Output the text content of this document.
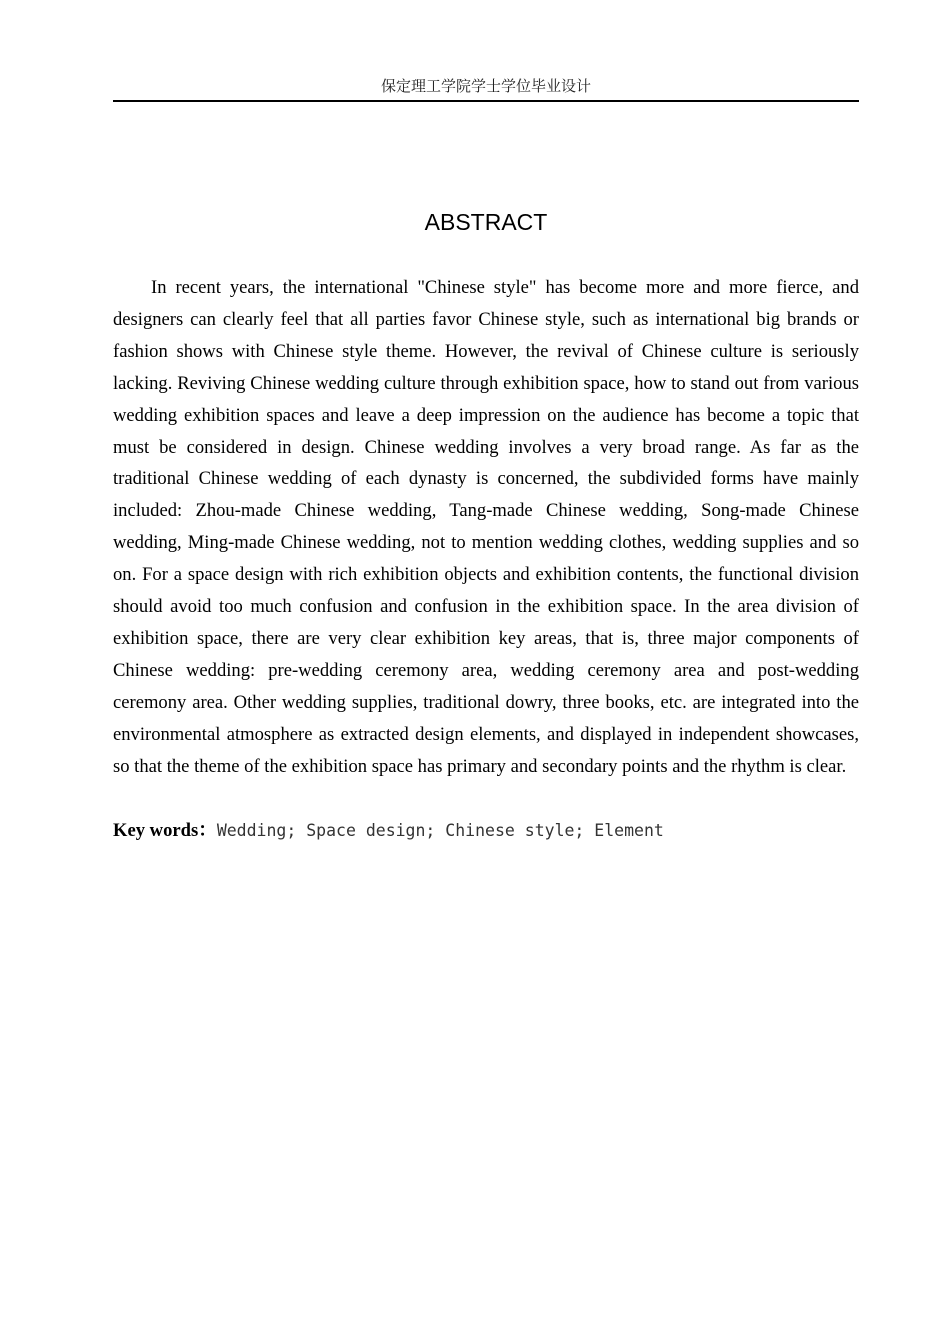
保定理工学院学士学位毕业设计
ABSTRACT

In recent years, the international "Chinese style" has become more and more fierce, and designers can clearly feel that all parties favor Chinese style, such as international big brands or fashion shows with Chinese style theme. However, the revival of Chinese culture is seriously lacking. Reviving Chinese wedding culture through exhibition space, how to stand out from various wedding exhibition spaces and leave a deep impression on the audience has become a topic that must be considered in design. Chinese wedding involves a very broad range. As far as the traditional Chinese wedding of each dynasty is concerned, the subdivided forms have mainly included: Zhou-made Chinese wedding, Tang-made Chinese wedding, Song-made Chinese wedding, Ming-made Chinese wedding, not to mention wedding clothes, wedding supplies and so on. For a space design with rich exhibition objects and exhibition contents, the functional division should avoid too much confusion and confusion in the exhibition space. In the area division of exhibition space, there are very clear exhibition key areas, that is, three major components of Chinese wedding: pre-wedding ceremony area, wedding ceremony area and post-wedding ceremony area. Other wedding supplies, traditional dowry, three books, etc. are integrated into the environmental atmosphere as extracted design elements, and displayed in independent showcases, so that the theme of the exhibition space has primary and secondary points and the rhythm is clear.

Key words：Wedding; Space design; Chinese style; Element
